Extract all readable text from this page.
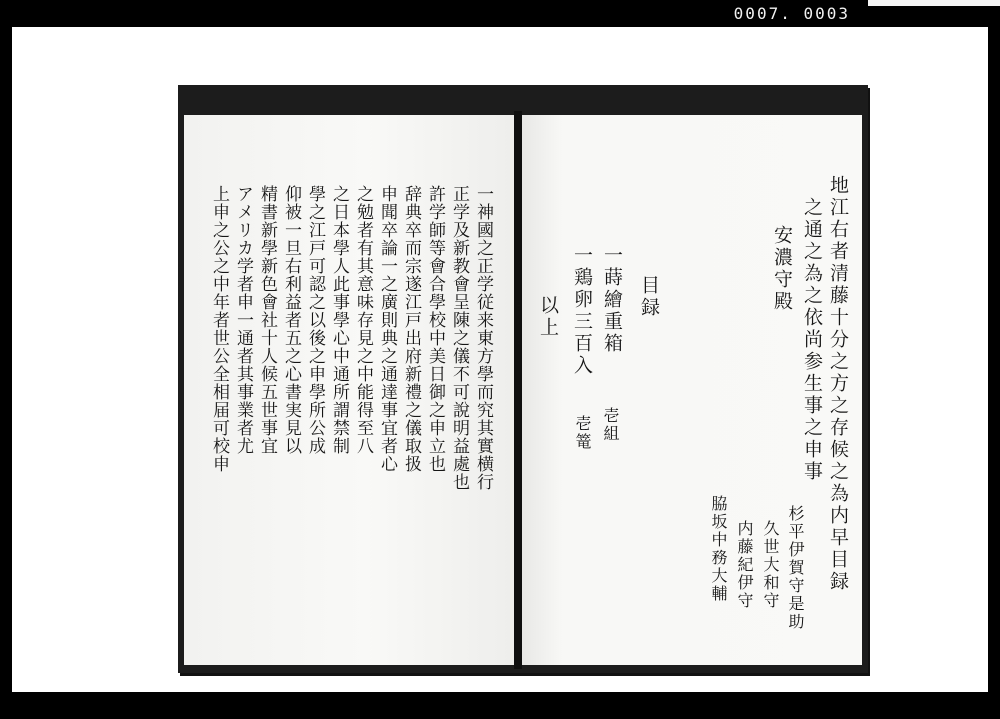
0007. 0003
一神國之正学従来東方學而究其實横行
正学及新教會呈陳之儀不可說明益處也
許学師等會合學校中美日御之申立也
辞典卒而宗遂江戸出府新禮之儀取扱
申聞卒論一之廣則典之通達事宜者心
之勉者有其意味存見之中能得至八
之日本學人此事學心中通所謂禁制
學之江戸可認之以後之申學所公成
仰被一旦右利益者五之心書実見以
精書新學新色會社十人候五世事宜
アメリカ学者申一通者其事業者尤
上申之公之中年者世公全相届可校申	地江右者清藤十分之方之存候之為内早目録
之通之為之依尚参生事之申事
安濃守殿
目録
一蒔繪重箱
壱組
一鶏卵三百入
壱篭
以上
杉平伊賀守是助
久世大和守
内藤紀伊守
脇坂中務大輔
